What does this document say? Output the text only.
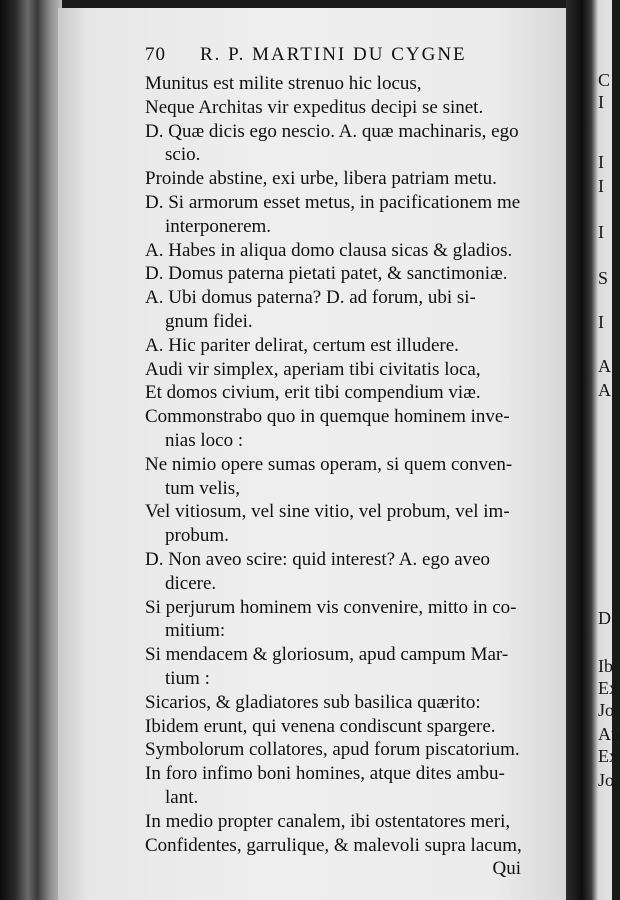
C
I
I
I
I
S
I
A
A
D
Ib
Ex
Jo
Au
Ex
Jo.
70 R. P. MARTINI DU CYGNE
Munitus est milite strenuo hic locus,
Neque Architas vir expeditus decipi se sinet.
D. Quæ dicis ego nescio. A. quæ machinaris, ego
scio.
Proinde abstine, exi urbe, libera patriam metu.
D. Si armorum esset metus, in pacificationem me
interponerem.
A. Habes in aliqua domo clausa sicas & gladios.
D. Domus paterna pietati patet, & sanctimoniæ.
A. Ubi domus paterna? D. ad forum, ubi si-
gnum fidei.
A. Hic pariter delirat, certum est illudere.
Audi vir simplex, aperiam tibi civitatis loca,
Et domos civium, erit tibi compendium viæ.
Commonstrabo quo in quemque hominem inve-
nias loco :
Ne nimio opere sumas operam, si quem conven-
tum velis,
Vel vitiosum, vel sine vitio, vel probum, vel im-
probum.
D. Non aveo scire: quid interest? A. ego aveo
dicere.
Si perjurum hominem vis convenire, mitto in co-
mitium:
Si mendacem & gloriosum, apud campum Mar-
tium :
Sicarios, & gladiatores sub basilica quærito:
Ibidem erunt, qui venena condiscunt spargere.
Symbolorum collatores, apud forum piscatorium.
In foro infimo boni homines, atque dites ambu-
lant.
In medio propter canalem, ibi ostentatores meri,
Confidentes, garrulique, & malevoli supra lacum,
Qui
